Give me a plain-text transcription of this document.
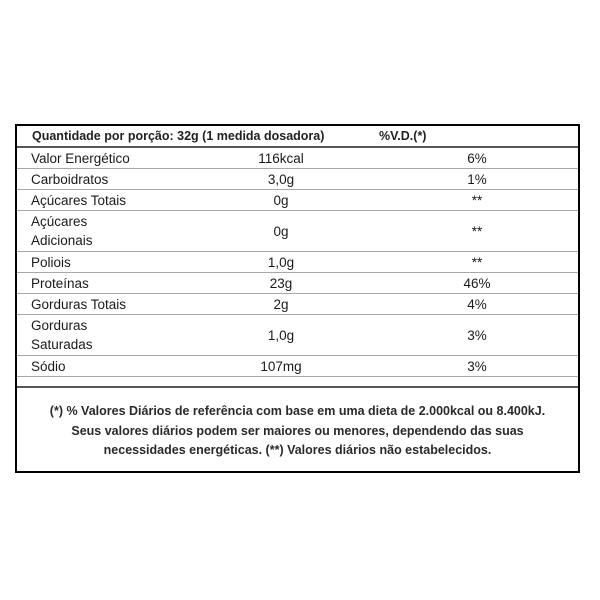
Quantidade por porção: 32g (1 medida dosadora)	%V.D.(*)
Valor Energético	116kcal	6%
Carboidratos	3,0g	1%
Açúcares Totais	0g	**
Açúcares
Adicionais
0g	**
Poliois	1,0g	**
Proteínas	23g	46%
Gorduras Totais	2g	4%
Gorduras
Saturadas
1,0g	3%
Sódio	107mg	3%
(*) % Valores Diários de referência com base em uma dieta de 2.000kcal ou 8.400kJ.
Seus valores diários podem ser maiores ou menores, dependendo das suas
necessidades energéticas. (**) Valores diários não estabelecidos.
